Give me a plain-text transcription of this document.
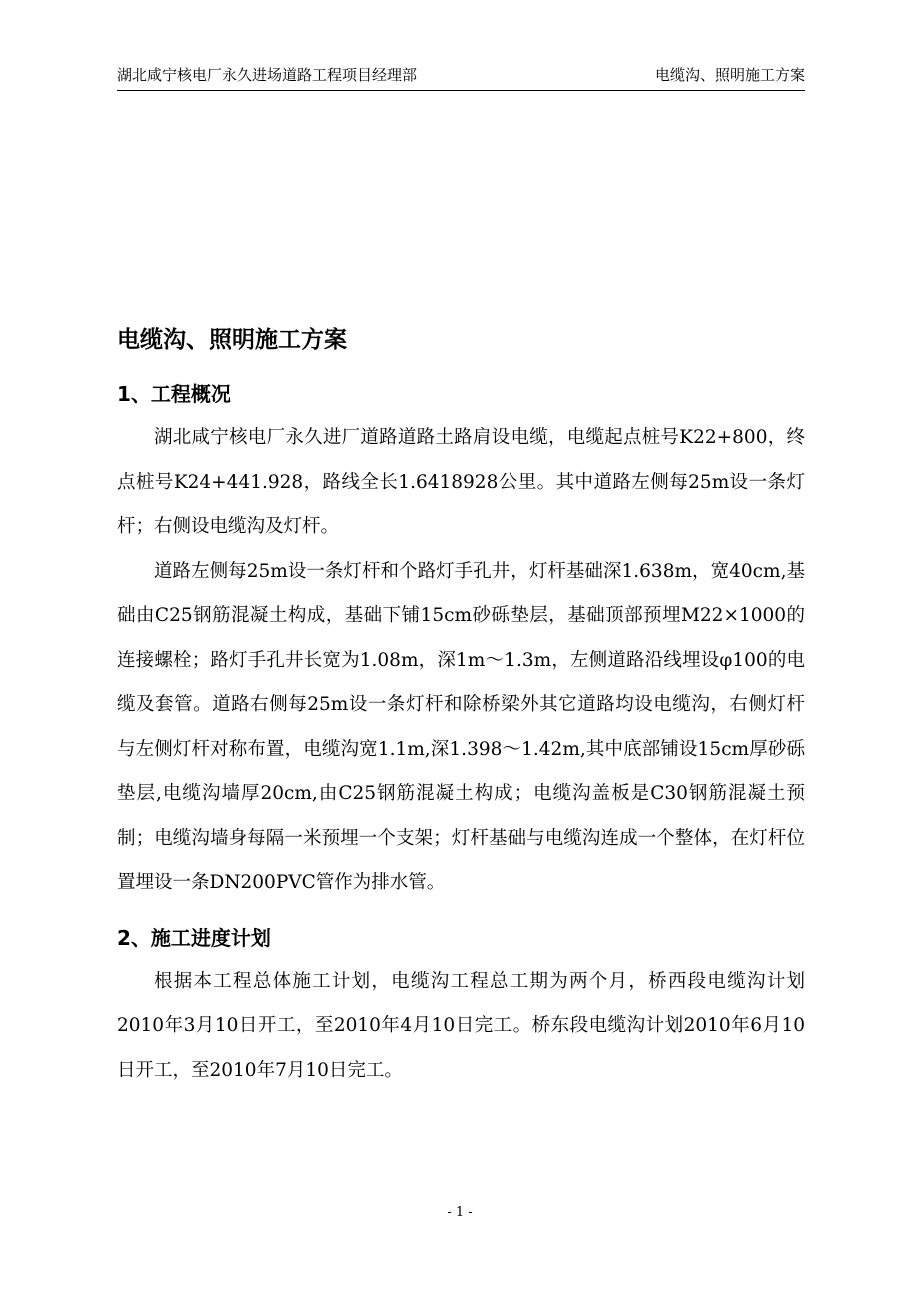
湖北咸宁核电厂永久进场道路工程项目经理部	电缆沟、照明施工方案
电缆沟、照明施工方案
1、工程概况

湖北咸宁核电厂永久进厂道路道路土路肩设电缆，电缆起点桩号K22+800，终点桩号K24+441.928，路线全长1.6418928公里。其中道路左侧每25m设一条灯杆；右侧设电缆沟及灯杆。

道路左侧每25m设一条灯杆和个路灯手孔井，灯杆基础深1.638m，宽40cm,基础由C25钢筋混凝土构成，基础下铺15cm砂砾垫层，基础顶部预埋M22×1000的连接螺栓；路灯手孔井长宽为1.08m，深1m～1.3m，左侧道路沿线埋设φ100的电缆及套管。道路右侧每25m设一条灯杆和除桥梁外其它道路均设电缆沟，右侧灯杆与左侧灯杆对称布置，电缆沟宽1.1m,深1.398～1.42m,其中底部铺设15cm厚砂砾垫层,电缆沟墙厚20cm,由C25钢筋混凝土构成；电缆沟盖板是C30钢筋混凝土预制；电缆沟墙身每隔一米预埋一个支架；灯杆基础与电缆沟连成一个整体，在灯杆位置埋设一条DN200PVC管作为排水管。

2、施工进度计划

根据本工程总体施工计划，电缆沟工程总工期为两个月，桥西段电缆沟计划2010年3月10日开工，至2010年4月10日完工。桥东段电缆沟计划2010年6月10日开工，至2010年7月10日完工。

- 1 -
